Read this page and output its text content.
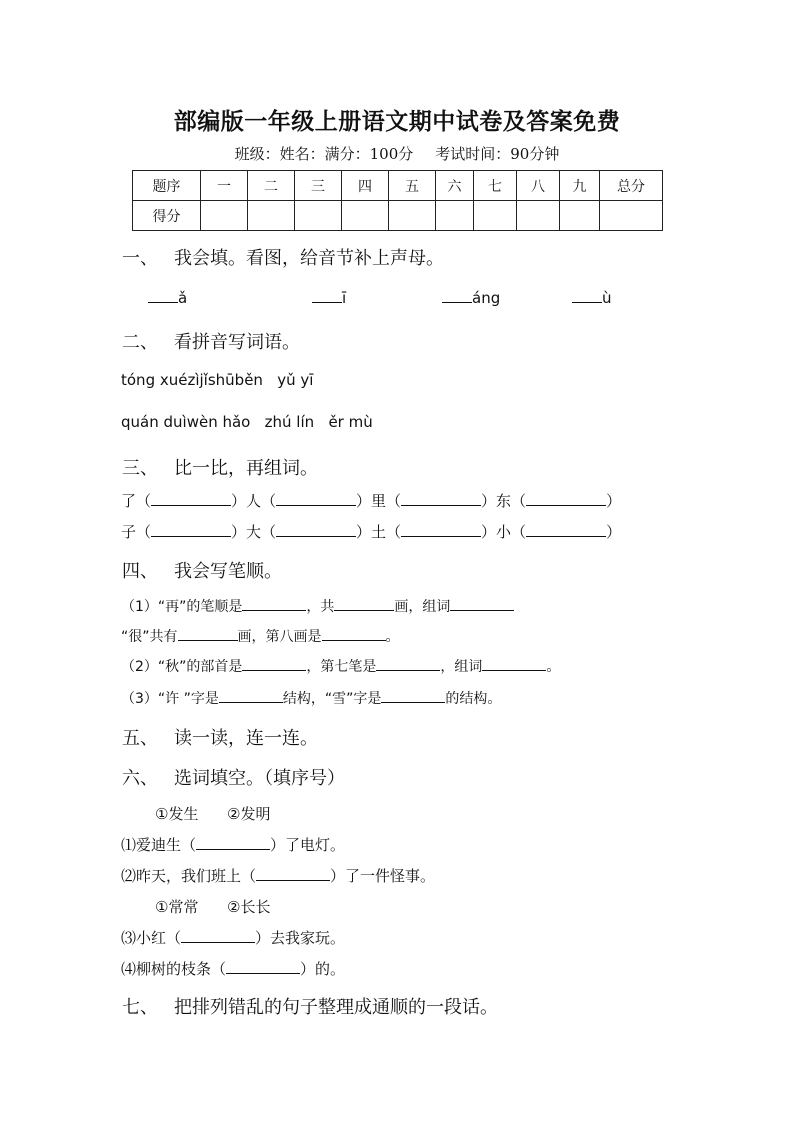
部编版一年级上册语文期中试卷及答案免费
班级：姓名：满分：100分 考试时间：90分钟
题序	一	二	三	四	五	六	七	八	九	总分
得分										
一、 我会填。看图，给音节补上声母。
ǎ	ī	áng	ù
二、 看拼音写词语。
tóng xuézìjǐshūběn   yǔ yī
quán duìwèn hǎo   zhú lín   ěr mù
三、 比一比，再组词。
了（	）人（	）里（	）东（	）
子（	）大（	）土（	）小（	）
四、 我会写笔顺。
（1）“再”的笔顺是	，共	画，组词
“很”共有	画，第八画是	。
（2）“秋”的部首是	，第七笔是	，组词	。
（3）“许 ”字是	结构，“雪”字是	的结构。
五、 读一读，连一连。
六、 选词填空。（填序号）
①发生      ②发明
⑴爱迪生（	）了电灯。
⑵昨天，我们班上（	）了一件怪事。
①常常      ②长长
⑶小红（	）去我家玩。
⑷柳树的枝条（	）的。
七、 把排列错乱的句子整理成通顺的一段话。
